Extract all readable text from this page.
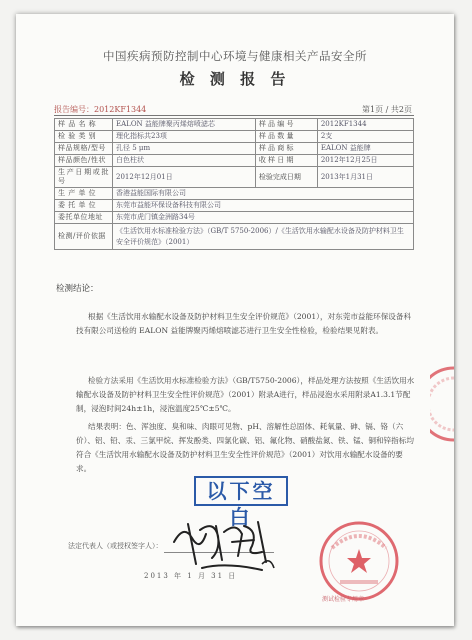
中国疾病预防控制中心环境与健康相关产品安全所
检 测 报 告
报告编号：2012KF1344	第1页 / 共2页
样 品 名 称	EALON 益能牌聚丙烯熔喷滤芯	样 品 编 号	2012KF1344
检 验 类 别	理化指标共23项	样 品 数 量	2支
样品规格/型号	孔径 5 μm	样 品 商 标	EALON 益能牌
样品颜色/性状	白色柱状	收 样 日 期	2012年12月25日
生产日期或批号	2012年12月01日	检验完成日期	2013年1月31日
生 产 单 位	香港益能国际有限公司		
委 托 单 位	东莞市益能环保设备科技有限公司		
委托单位地址	东莞市虎门镇金洲路34号		
检测/评价依据	《生活饮用水标准检验方法》（GB/T 5750-2006）/《生活饮用水输配水设备及防护材料卫生安全评价规范》（2001）		
检测结论：
根据《生活饮用水输配水设备及防护材料卫生安全评价规范》（2001），对东莞市益能环保设备科技有限公司送检的 EALON 益能牌聚丙烯熔喷滤芯进行卫生安全性检验，检验结果见附表。
检验方法采用《生活饮用水标准检验方法》（GB/T5750-2006），样品处理方法按照《生活饮用水输配水设备及防护材料卫生安全性评价规范》（2001）附录A进行，样品浸泡水采用附录A1.3.1节配制，浸泡时间24h±1h，浸泡温度25℃±5℃。
结果表明：色、浑浊度、臭和味、肉眼可见物、pH、溶解性总固体、耗氧量、砷、镉、铬（六价）、铝、铅、汞、三氯甲烷、挥发酚类、四氯化碳、铝、氟化物、硝酸盐氮、铁、锰、铜和锌指标均符合《生活饮用水输配水设备及防护材料卫生安全性评价规范》（2001）对饮用水输配水设备的要求。
以下空白
法定代表人（或授权签字人）：
2013 年 1 月 31 日
测试检验专用章
